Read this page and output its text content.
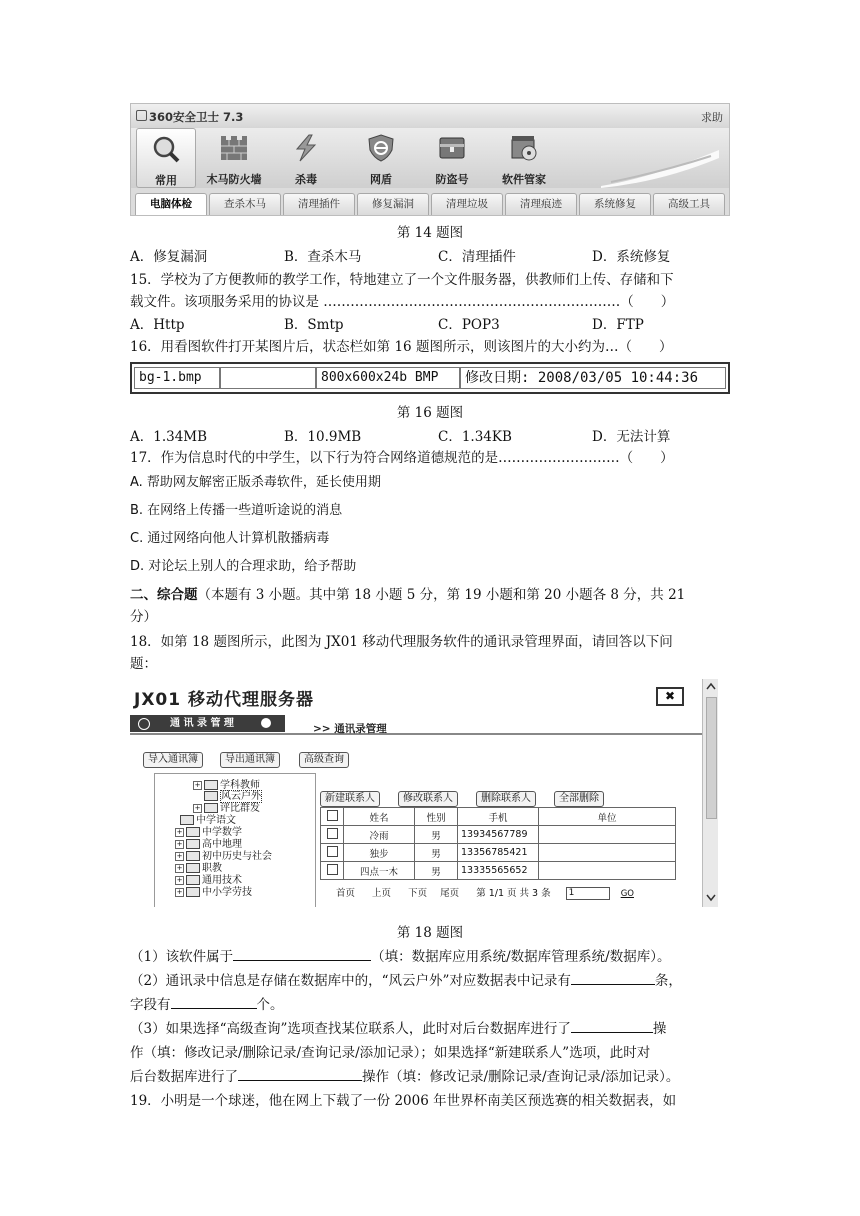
360安全卫士 7.3	求助
常用	木马防火墙	杀毒	网盾	防盗号	软件管家
电脑体检	查杀木马	清理插件	修复漏洞	清理垃圾	清理痕迹	系统修复	高级工具
第 14 题图
A．修复漏洞	B．查杀木马	C．清理插件	D．系统修复
15．学校为了方便教师的教学工作，特地建立了一个文件服务器，供教师们上传、存储和下
载文件。该项服务采用的协议是 …………………………………………………………（　　）
A．Http	B．Smtp	C．POP3	D．FTP
16．用看图软件打开某图片后，状态栏如第 16 题图所示，则该图片的大小约为…（　　）
bg-1.bmp	800x600x24b BMP	修改日期: 2008/03/05 10:44:36
第 16 题图
A．1.34MB	B．10.9MB	C．1.34KB	D．无法计算
17．作为信息时代的中学生，以下行为符合网络道德规范的是………………………（　　）
A. 帮助网友解密正版杀毒软件，延长使用期
B. 在网络上传播一些道听途说的消息
C. 通过网络向他人计算机散播病毒
D. 对论坛上别人的合理求助，给予帮助
二、综合题（本题有 3 小题。其中第 18 小题 5 分，第 19 小题和第 20 小题各 8 分，共 21
分）
18．如第 18 题图所示，此图为 JX01 移动代理服务软件的通讯录管理界面，请回答以下问
题：
JX01 移动代理服务器	✖
通 讯 录 管 理	>> 通讯录管理
导入通讯簿	导出通讯簿	高级查询
+ 学科教师
风云户外
+ 评比群发
中学语文
+ 中学数学
+ 高中地理
+ 初中历史与社会
+ 职教
+ 通用技术
+ 中小学劳技
新建联系人	修改联系人	删除联系人	全部删除
	姓名	性别	手机	单位
	冷雨	男	13934567789	
	独步	男	13356785421	
	四点一木	男	13335565652	
首页 上页 下页 尾页 第 1/1 页 共 3 条 1	GO
第 18 题图
（1）该软件属于	（填：数据库应用系统/数据库管理系统/数据库）。
（2）通讯录中信息是存储在数据库中的，“风云户外”对应数据表中记录有	条，
字段有	个。
（3）如果选择“高级查询”选项查找某位联系人，此时对后台数据库进行了	操
作（填：修改记录/删除记录/查询记录/添加记录）；如果选择“新建联系人”选项，此时对
后台数据库进行了	操作（填：修改记录/删除记录/查询记录/添加记录）。
19．小明是一个球迷，他在网上下载了一份 2006 年世界杯南美区预选赛的相关数据表，如
